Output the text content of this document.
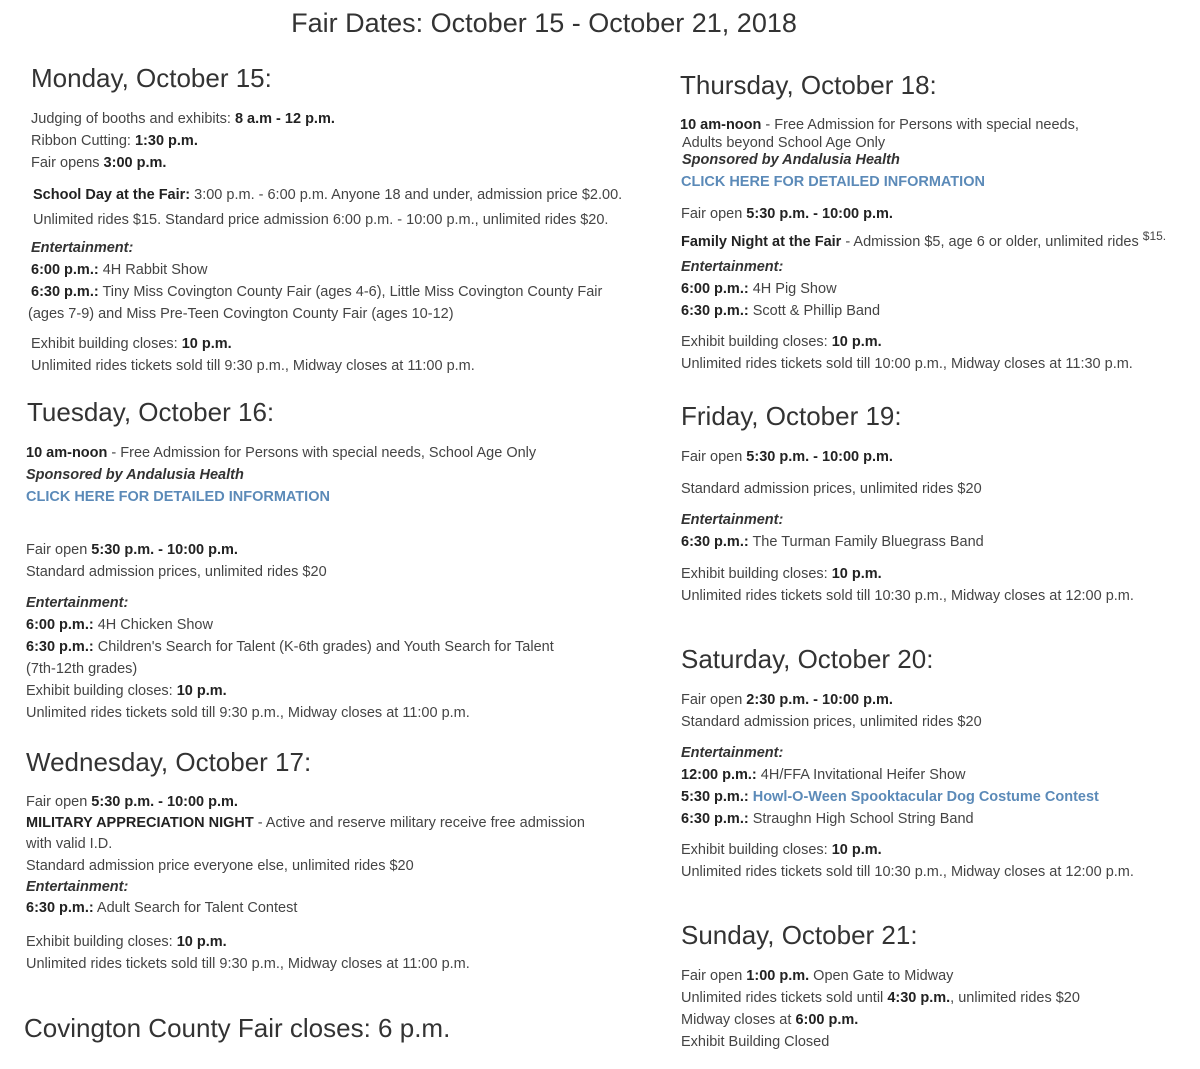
Fair Dates: October 15 - October 21, 2018
Monday, October 15:
Judging of booths and exhibits: 8 a.m - 12 p.m.
Ribbon Cutting: 1:30 p.m.
Fair opens 3:00 p.m.
School Day at the Fair: 3:00 p.m. - 6:00 p.m. Anyone 18 and under, admission price $2.00.
Unlimited rides $15. Standard price admission 6:00 p.m. - 10:00 p.m., unlimited rides $20.
Entertainment:
6:00 p.m.: 4H Rabbit Show
6:30 p.m.: Tiny Miss Covington County Fair (ages 4-6), Little Miss Covington County Fair
(ages 7-9) and Miss Pre-Teen Covington County Fair (ages 10-12)
Exhibit building closes: 10 p.m.
Unlimited rides tickets sold till 9:30 p.m., Midway closes at 11:00 p.m.
Tuesday, October 16:
10 am-noon - Free Admission for Persons with special needs, School Age Only
Sponsored by Andalusia Health
CLICK HERE FOR DETAILED INFORMATION
Fair open 5:30 p.m. - 10:00 p.m.
Standard admission prices, unlimited rides $20
Entertainment:
6:00 p.m.: 4H Chicken Show
6:30 p.m.: Children's Search for Talent (K-6th grades) and Youth Search for Talent
(7th-12th grades)
Exhibit building closes: 10 p.m.
Unlimited rides tickets sold till 9:30 p.m., Midway closes at 11:00 p.m.
Wednesday, October 17:
Fair open 5:30 p.m. - 10:00 p.m.
MILITARY APPRECIATION NIGHT - Active and reserve military receive free admission
with valid I.D.
Standard admission price everyone else, unlimited rides $20
Entertainment:
6:30 p.m.: Adult Search for Talent Contest
Exhibit building closes: 10 p.m.
Unlimited rides tickets sold till 9:30 p.m., Midway closes at 11:00 p.m.
Covington County Fair closes: 6 p.m.
Thursday, October 18:
10 am-noon - Free Admission for Persons with special needs,
Adults beyond School Age Only
Sponsored by Andalusia Health
CLICK HERE FOR DETAILED INFORMATION
Fair open 5:30 p.m. - 10:00 p.m.
Family Night at the Fair - Admission $5, age 6 or older, unlimited rides $^{\$15.}$
Entertainment:
6:00 p.m.: 4H Pig Show
6:30 p.m.: Scott & Phillip Band
Exhibit building closes: 10 p.m.
Unlimited rides tickets sold till 10:00 p.m., Midway closes at 11:30 p.m.
Friday, October 19:
Fair open 5:30 p.m. - 10:00 p.m.
Standard admission prices, unlimited rides $20
Entertainment:
6:30 p.m.: The Turman Family Bluegrass Band
Exhibit building closes: 10 p.m.
Unlimited rides tickets sold till 10:30 p.m., Midway closes at 12:00 p.m.
Saturday, October 20:
Fair open 2:30 p.m. - 10:00 p.m.
Standard admission prices, unlimited rides $20
Entertainment:
12:00 p.m.: 4H/FFA Invitational Heifer Show
5:30 p.m.: Howl-O-Ween Spooktacular Dog Costume Contest
6:30 p.m.: Straughn High School String Band
Exhibit building closes: 10 p.m.
Unlimited rides tickets sold till 10:30 p.m., Midway closes at 12:00 p.m.
Sunday, October 21:
Fair open 1:00 p.m. Open Gate to Midway
Unlimited rides tickets sold until 4:30 p.m., unlimited rides $20
Midway closes at 6:00 p.m.
Exhibit Building Closed
